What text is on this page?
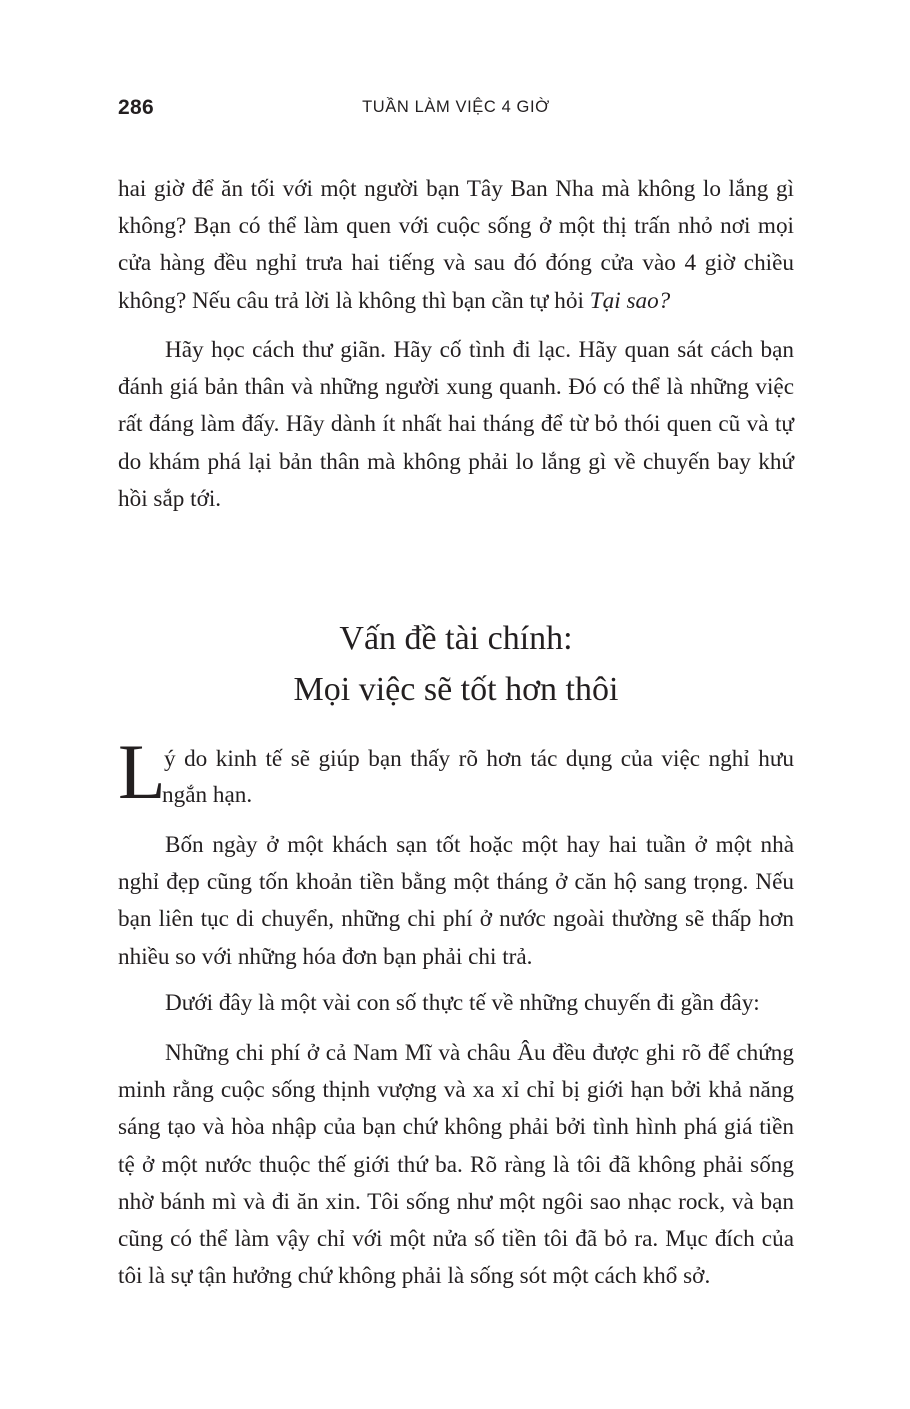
286	TUẦN LÀM VIỆC 4 GIỜ

hai giờ để ăn tối với một người bạn Tây Ban Nha mà không lo lắng gì không? Bạn có thể làm quen với cuộc sống ở một thị trấn nhỏ nơi mọi cửa hàng đều nghỉ trưa hai tiếng và sau đó đóng cửa vào 4 giờ chiều không? Nếu câu trả lời là không thì bạn cần tự hỏi Tại sao?

Hãy học cách thư giãn. Hãy cố tình đi lạc. Hãy quan sát cách bạn đánh giá bản thân và những người xung quanh. Đó có thể là những việc rất đáng làm đấy. Hãy dành ít nhất hai tháng để từ bỏ thói quen cũ và tự do khám phá lại bản thân mà không phải lo lắng gì về chuyến bay khứ hồi sắp tới.

Vấn đề tài chính:
Mọi việc sẽ tốt hơn thôi
L
ý do kinh tế sẽ giúp bạn thấy rõ hơn tác dụng của việc nghỉ hưu
ngắn hạn.

Bốn ngày ở một khách sạn tốt hoặc một hay hai tuần ở một nhà nghỉ đẹp cũng tốn khoản tiền bằng một tháng ở căn hộ sang trọng. Nếu bạn liên tục di chuyển, những chi phí ở nước ngoài thường sẽ thấp hơn nhiều so với những hóa đơn bạn phải chi trả.

Dưới đây là một vài con số thực tế về những chuyến đi gần đây:

Những chi phí ở cả Nam Mĩ và châu Âu đều được ghi rõ để chứng minh rằng cuộc sống thịnh vượng và xa xỉ chỉ bị giới hạn bởi khả năng sáng tạo và hòa nhập của bạn chứ không phải bởi tình hình phá giá tiền tệ ở một nước thuộc thế giới thứ ba. Rõ ràng là tôi đã không phải sống nhờ bánh mì và đi ăn xin. Tôi sống như một ngôi sao nhạc rock, và bạn cũng có thể làm vậy chỉ với một nửa số tiền tôi đã bỏ ra. Mục đích của tôi là sự tận hưởng chứ không phải là sống sót một cách khổ sở.
